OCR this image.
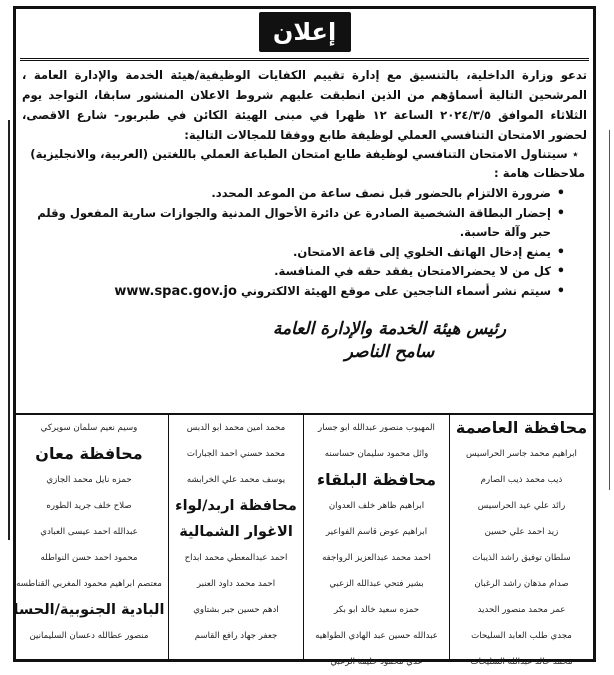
إعلان
تدعو وزارة الداخلية، بالتنسيق مع إدارة تقييم الكفايات الوظيفية/هيئة الخدمة والإدارة العامة ، المرشحين التالية أسماؤهم من الذين انطبقت عليهم شروط الاعلان المنشور سابقا، التواجد يوم الثلاثاء الموافق ٢٠٢٤/٣/٥ الساعة ١٢ ظهرا في مبنى الهيئة الكائن في طبربور- شارع الاقصى، لحضور الامتحان التنافسي العملي لوظيفة طابع ووفقا للمجالات التالية:
⋆ سيتناول الامتحان التنافسي لوظيفة طابع امتحان الطباعة العملي باللغتين (العربية، والانجليزية)
ملاحظات هامة :
• ضرورة الالتزام بالحضور قبل نصف ساعة من الموعد المحدد.
• إحضار البطاقة الشخصية الصادرة عن دائرة الأحوال المدنية والجوازات سارية المفعول وقلم حبر وآلة حاسبة.
• يمنع إدخال الهاتف الخلوي إلى قاعة الامتحان.
• كل من لا يحضرالامتحان يفقد حقه في المنافسة.
• سيتم نشر أسماء الناجحين على موقع الهيئة الالكتروني www.spac.gov.jo
رئيس هيئة الخدمة والإدارة العامة
سامح الناصر
محافظة العاصمة
ابراهيم محمد جاسر الحراسيس
ذيب محمد ذيب الصارم
رائد علي عيد الحراسيس
زيد احمد علي حسين
سلطان توفيق راشد الذيبات
صدام مذهان راشد الرغبان
عمر محمد منصور الحديد
مجدي طلب العابد السليحات
محمد خالد عبدالله السليحات
المهيوب منصور عبدالله ابو جسار
وائل محمود سليمان حساسنه
محافظة البلقاء
ابراهيم ظاهر خلف العدوان
ابراهيم عوض قاسم الفواعير
احمد محمد عبدالعزيز الرواجفه
بشير فتحي عبدالله الزعبي
حمزه سعيد خالد ابو بكر
عبدالله حسين عبد الهادي الطواهيه
عدي محمود خليفه الزعبي
محمد امين محمد ابو الدبس
محمد حسني احمد الجبارات
يوسف محمد علي الخرابشه
محافظة اربد/لواء
الاغوار الشمالية
احمد عبدالمعطي محمد ابداح
احمد محمد داود العنبر
ادهم حسين جبر بشتاوي
جعفر جهاد رافع القاسم
وسيم نعيم سلمان سويركي
محافظة معان
حمزه نايل محمد الجازي
صلاح خلف جريد الطوره
عبدالله احمد عيسى العبادي
محمود احمد حسن النواطله
معتصم ابراهيم محمود المغربي القناطسه
البادية الجنوبية/الحسا
منصور عطالله دعسان السليمانين
